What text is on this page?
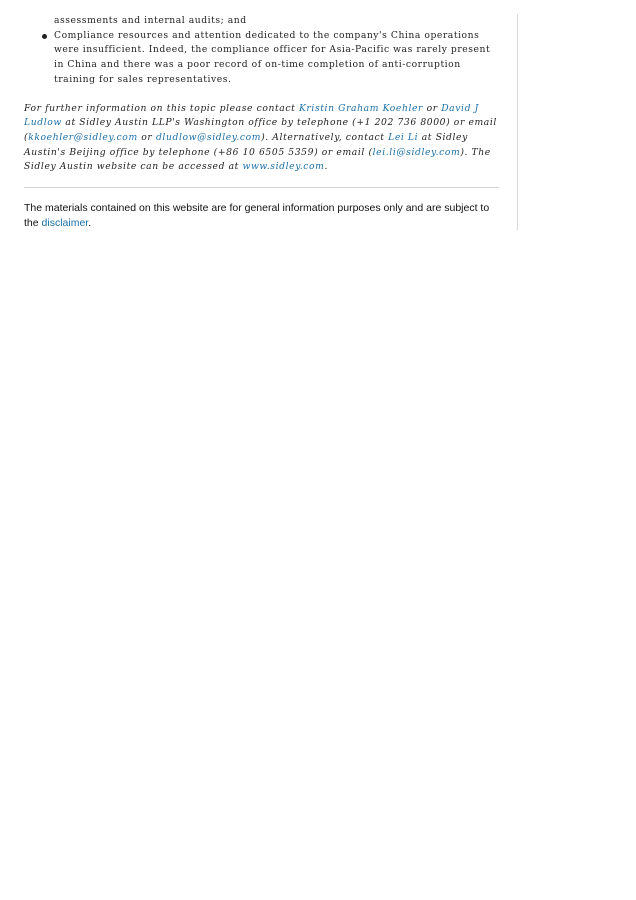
assessments and internal audits; and
Compliance resources and attention dedicated to the company's China operations were insufficient. Indeed, the compliance officer for Asia-Pacific was rarely present in China and there was a poor record of on-time completion of anti-corruption training for sales representatives.

For further information on this topic please contact Kristin Graham Koehler or David J Ludlow at Sidley Austin LLP's Washington office by telephone (+1 202 736 8000) or email (kkoehler@sidley.com or dludlow@sidley.com). Alternatively, contact Lei Li at Sidley Austin's Beijing office by telephone (+86 10 6505 5359) or email (lei.li@sidley.com). The Sidley Austin website can be accessed at www.sidley.com.

The materials contained on this website are for general information purposes only and are subject to the disclaimer.
